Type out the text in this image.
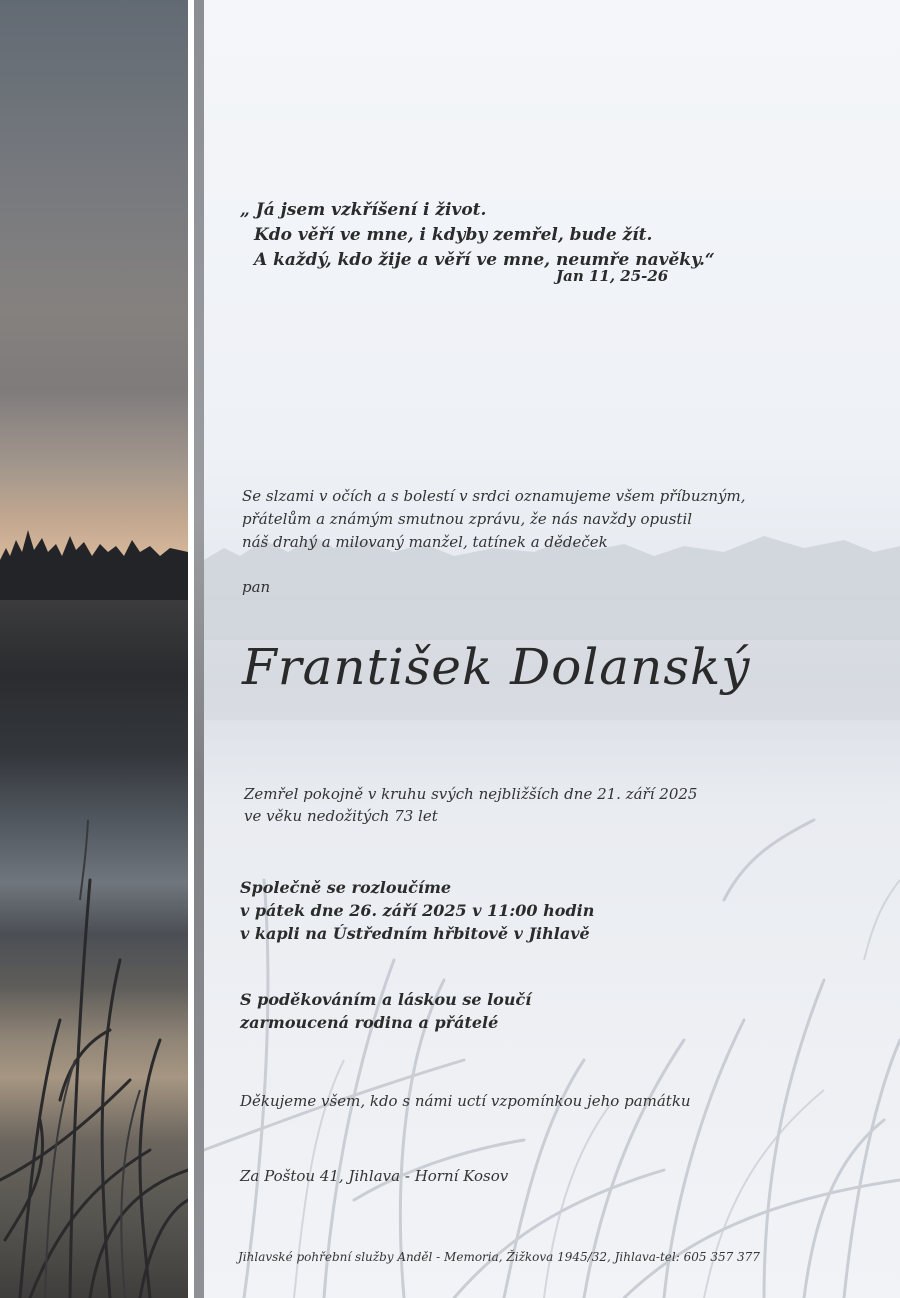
„ Já jsem vzkříšení i život.
Kdo věří ve mne, i kdyby zemřel, bude žít.
A každý, kdo žije a věří ve mne, neumře navěky.“
Jan 11, 25-26
Se slzami v očích a s bolestí v srdci oznamujeme všem příbuzným,
přátelům a známým smutnou zprávu, že nás navždy opustil
náš drahý a milovaný manžel, tatínek a dědeček
pan
František Dolanský
Zemřel pokojně v kruhu svých nejbližších dne 21. září 2025
ve věku nedožitých 73 let
Společně se rozloučíme
v pátek dne 26. září 2025 v 11:00 hodin
v kapli na Ústředním hřbitově v Jihlavě
S poděkováním a láskou se loučí
zarmoucená rodina a přátelé
Děkujeme všem, kdo s námi uctí vzpomínkou jeho památku
Za Poštou 41, Jihlava - Horní Kosov
Jihlavské pohřební služby Anděl - Memoria, Žižkova 1945/32, Jihlava-tel: 605 357 377
